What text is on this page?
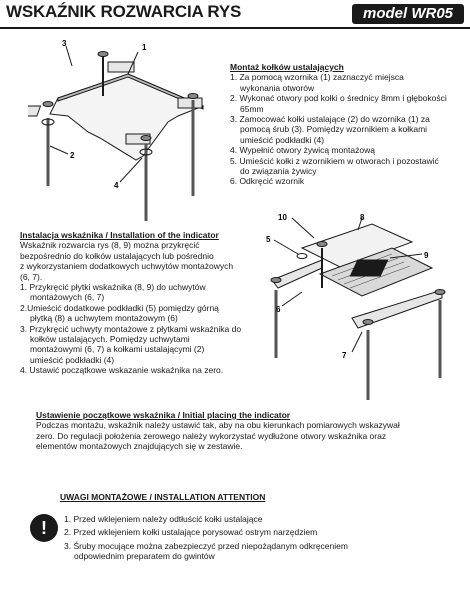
WSKAŹNIK ROZWARCIA RYS	model WR05
1
3
2
4

Montaż kołków ustalających

1. Za pomocą wzornika (1) zaznaczyć miejsca

wykonania otworów

2. Wykonać otwory pod kołki o średnicy 8mm i głębokości

65mm

3. Zamocować kołki ustalające (2) do wzornika (1) za

pomocą śrub (3). Pomiędzy wzornikiem a kołkami

umieścić podkładki (4)

4. Wypełnić otwory żywicą montażową

5. Umieścić kołki z wzornikiem w otworach i pozostawić

do związania żywicy

6. Odkręcić wzornik

Instalacja wskaźnika / Installation of the indicator

Wskaźnik rozwarcia rys (8, 9) można przykręcić

bezpośrednio do kołków ustalających lub pośrednio

z wykorzystaniem dodatkowych uchwytów montażowych

(6, 7).

1. Przykręcić płytki wskaźnika (8, 9) do uchwytów

montażowych (6, 7)

2.Umieścić dodatkowe podkładki (5) pomiędzy górną

płytką (8) a uchwytem montażowym (6)

3. Przykręcić uchwyty montażowe z płytkami wskaźnika do

kołków ustalających. Pomiędzy uchwytami

montażowymi (6, 7) a kołkami ustalającymi (2)

umieścić podkładki (4)

4. Ustawić początkowe wskazanie wskaźnika na zero.

10	8
5
9
6
7

Ustawienie początkowe wskaźnika / Initial placing the indicator

Podczas montażu, wskaźnik należy ustawić tak, aby na obu kierunkach pomiarowych wskazywał

zero. Do regulacji położenia zerowego należy wykorzystać wydłużone otwory wskaźnika oraz

elementów montażowych znajdujących się w zestawie.

UWAGI MONTAŻOWE / INSTALLATION ATTENTION

!	1. Przed wklejeniem należy odtłuścić kołki ustalające

2. Przed wklejeniem kołki ustalające porysować ostrym narzędziem

3. Śruby mocujące można zabezpieczyć przed niepożądanym odkręceniem

odpowiednim preparatem do gwintów
